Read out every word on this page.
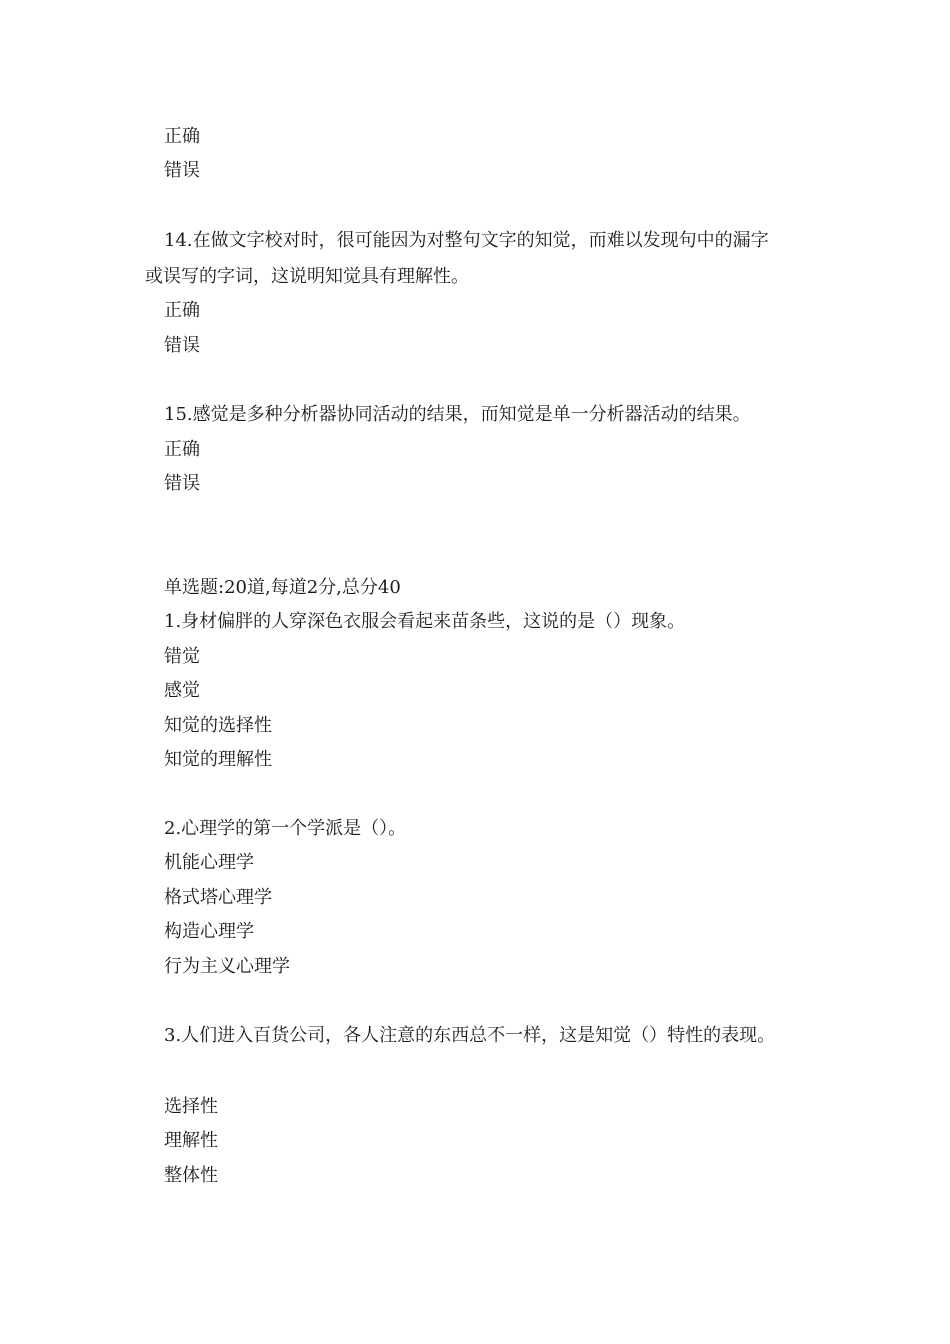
正确
错误
14.在做文字校对时，很可能因为对整句文字的知觉，而难以发现句中的漏字
或误写的字词，这说明知觉具有理解性。
正确
错误
15.感觉是多种分析器协同活动的结果，而知觉是单一分析器活动的结果。
正确
错误
单选题:20道,每道2分,总分40
1.身材偏胖的人穿深色衣服会看起来苗条些，这说的是（）现象。
错觉
感觉
知觉的选择性
知觉的理解性
2.心理学的第一个学派是（）。
机能心理学
格式塔心理学
构造心理学
行为主义心理学
3.人们进入百货公司，各人注意的东西总不一样，这是知觉（）特性的表现。
选择性
理解性
整体性
